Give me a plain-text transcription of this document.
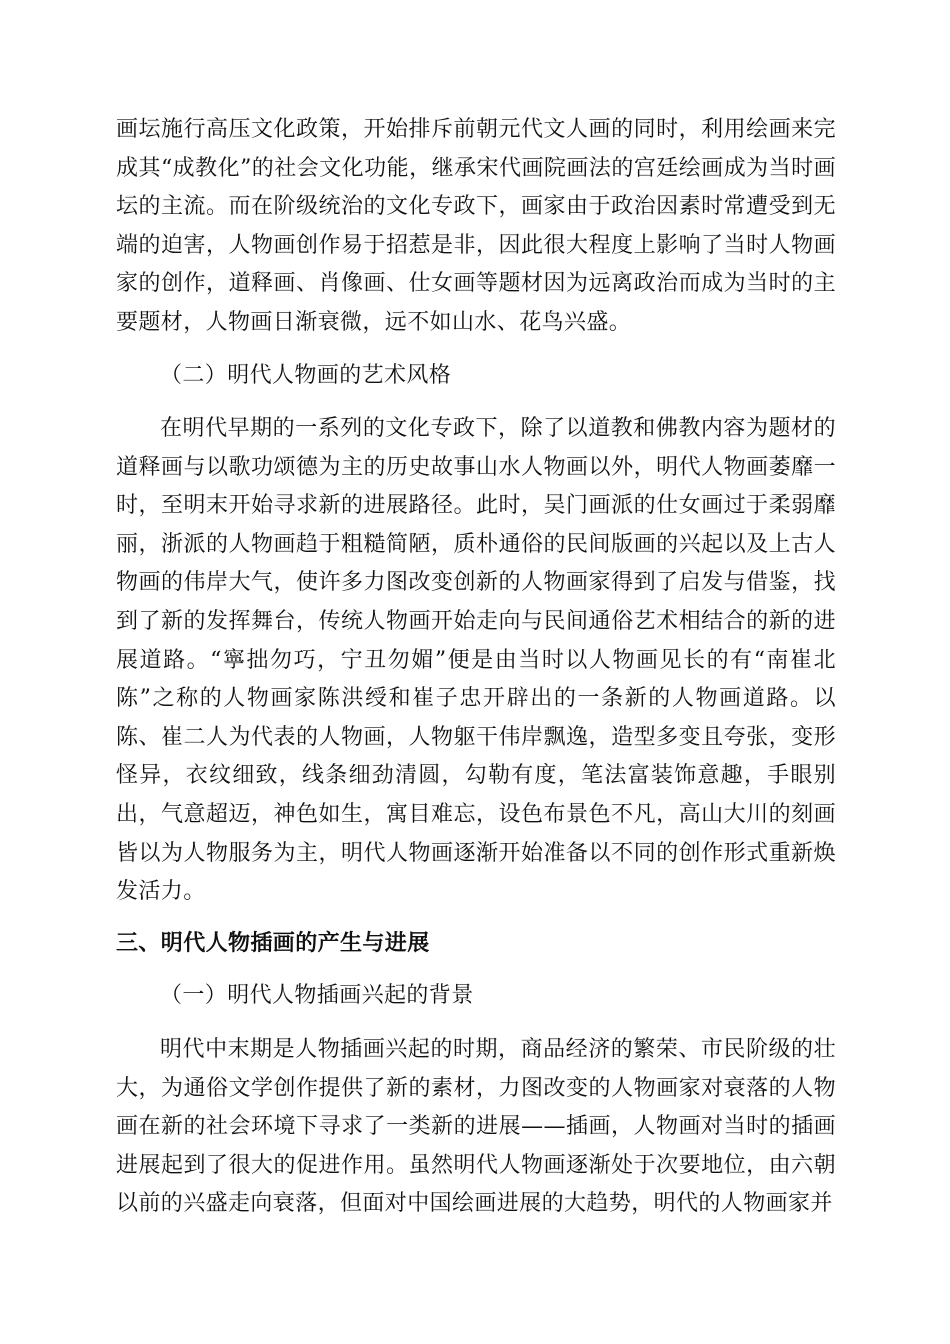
画坛施行高压文化政策，开始排斥前朝元代文人画的同时，利用绘画来完成其“成教化”的社会文化功能，继承宋代画院画法的宫廷绘画成为当时画坛的主流。而在阶级统治的文化专政下，画家由于政治因素时常遭受到无端的迫害，人物画创作易于招惹是非，因此很大程度上影响了当时人物画家的创作，道释画、肖像画、仕女画等题材因为远离政治而成为当时的主要题材，人物画日渐衰微，远不如山水、花鸟兴盛。

（二）明代人物画的艺术风格

在明代早期的一系列的文化专政下，除了以道教和佛教内容为题材的道释画与以歌功颂德为主的历史故事山水人物画以外，明代人物画萎靡一时，至明末开始寻求新的进展路径。此时，吴门画派的仕女画过于柔弱靡丽，浙派的人物画趋于粗糙简陋，质朴通俗的民间版画的兴起以及上古人物画的伟岸大气，使许多力图改变创新的人物画家得到了启发与借鉴，找到了新的发挥舞台，传统人物画开始走向与民间通俗艺术相结合的新的进展道路。“寧拙勿巧，宁丑勿媚”便是由当时以人物画见长的有“南崔北陈”之称的人物画家陈洪绶和崔子忠开辟出的一条新的人物画道路。以陈、崔二人为代表的人物画，人物躯干伟岸飘逸，造型多变且夸张，变形怪异，衣纹细致，线条细劲清圆，勾勒有度，笔法富装饰意趣，手眼别出，气意超迈，神色如生，寓目难忘，设色布景色不凡，高山大川的刻画皆以为人物服务为主，明代人物画逐渐开始准备以不同的创作形式重新焕发活力。

三、明代人物插画的产生与进展

（一）明代人物插画兴起的背景

明代中末期是人物插画兴起的时期，商品经济的繁荣、市民阶级的壮大，为通俗文学创作提供了新的素材，力图改变的人物画家对衰落的人物画在新的社会环境下寻求了一类新的进展——插画，人物画对当时的插画进展起到了很大的促进作用。虽然明代人物画逐渐处于次要地位，由六朝以前的兴盛走向衰落，但面对中国绘画进展的大趋势，明代的人物画家并
